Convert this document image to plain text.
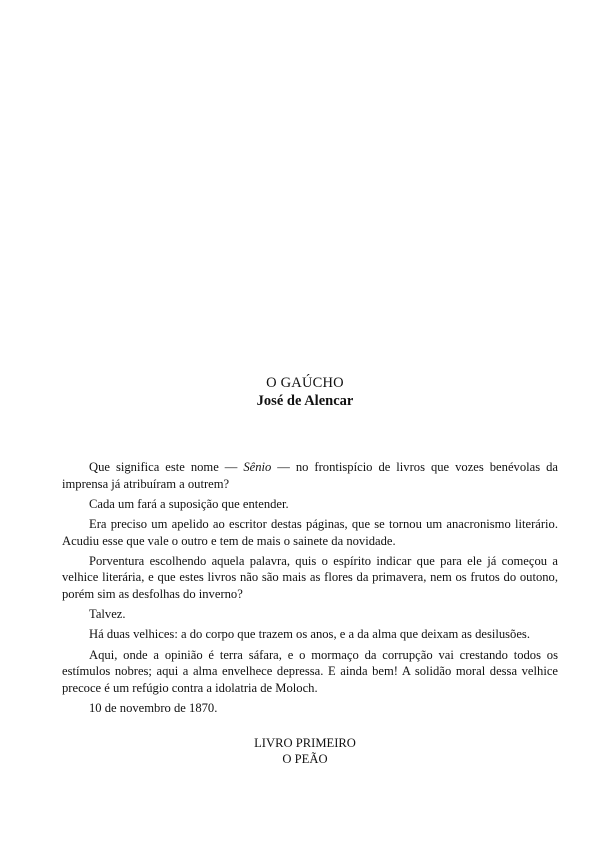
O GAÚCHO
José de Alencar

Que significa este nome — Sênio — no frontispício de livros que vozes benévolas da imprensa já atribuíram a outrem?

Cada um fará a suposição que entender.

Era preciso um apelido ao escritor destas páginas, que se tornou um anacronismo literário. Acudiu esse que vale o outro e tem de mais o sainete da novidade.

Porventura escolhendo aquela palavra, quis o espírito indicar que para ele já começou a velhice literária, e que estes livros não são mais as flores da primavera, nem os frutos do outono, porém sim as desfolhas do inverno?

Talvez.

Há duas velhices: a do corpo que trazem os anos, e a da alma que deixam as desilusões.

Aqui, onde a opinião é terra sáfara, e o mormaço da corrupção vai crestando todos os estímulos nobres; aqui a alma envelhece depressa. E ainda bem! A solidão moral dessa velhice precoce é um refúgio contra a idolatria de Moloch.

10 de novembro de 1870.

LIVRO PRIMEIRO
O PEÃO
